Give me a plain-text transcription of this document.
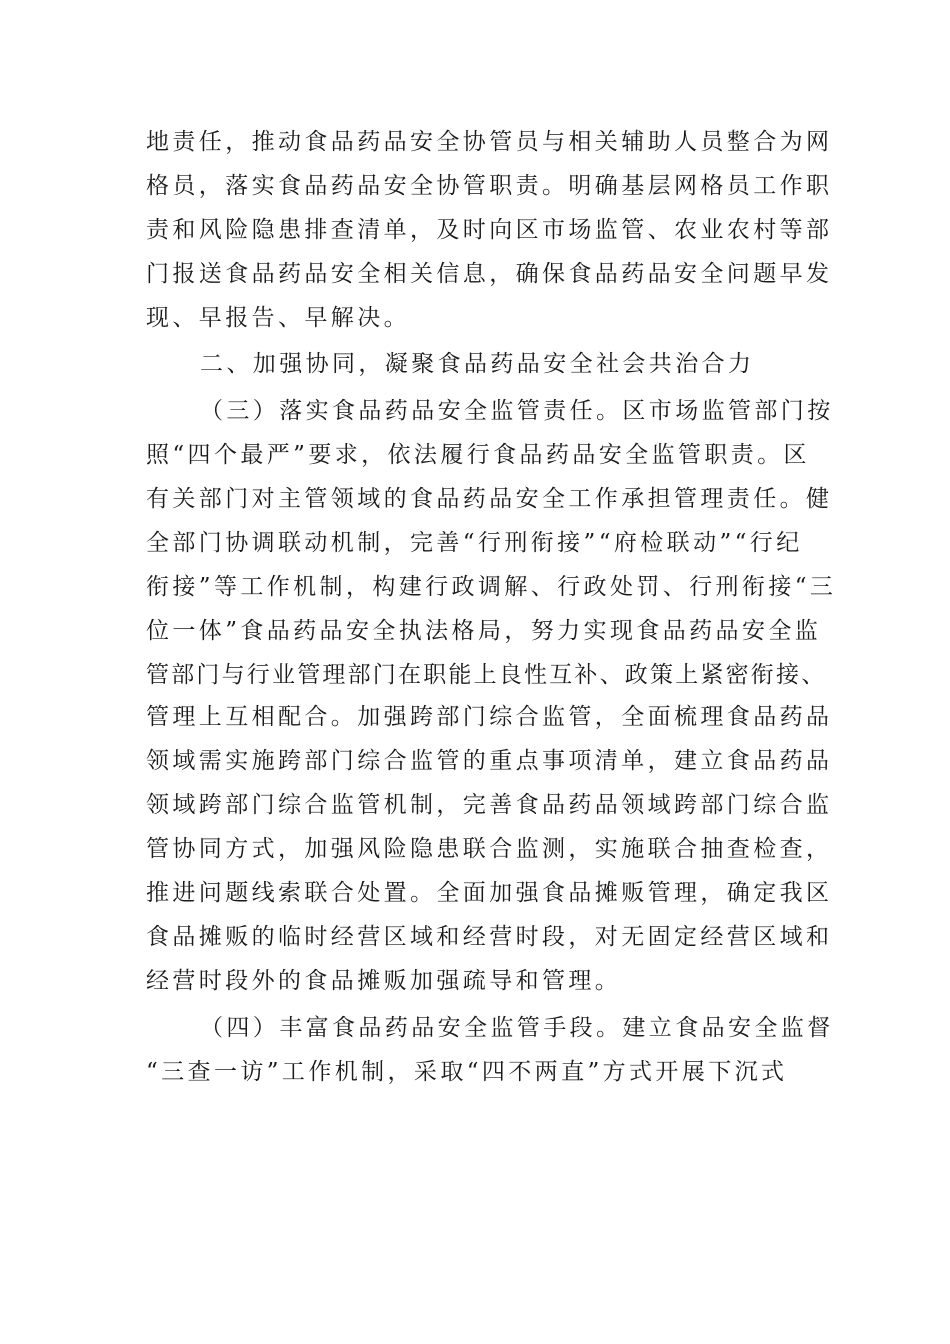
地责任，推动食品药品安全协管员与相关辅助人员整合为网

格员，落实食品药品安全协管职责。明确基层网格员工作职

责和风险隐患排查清单，及时向区市场监管、农业农村等部

门报送食品药品安全相关信息，确保食品药品安全问题早发

现、早报告、早解决。

二、加强协同，凝聚食品药品安全社会共治合力

（三）落实食品药品安全监管责任。区市场监管部门按

照“四个最严”要求，依法履行食品药品安全监管职责。区

有关部门对主管领域的食品药品安全工作承担管理责任。健

全部门协调联动机制，完善“行刑衔接”“府检联动”“行纪

衔接”等工作机制，构建行政调解、行政处罚、行刑衔接“三

位一体”食品药品安全执法格局，努力实现食品药品安全监

管部门与行业管理部门在职能上良性互补、政策上紧密衔接、

管理上互相配合。加强跨部门综合监管，全面梳理食品药品

领域需实施跨部门综合监管的重点事项清单，建立食品药品

领域跨部门综合监管机制，完善食品药品领域跨部门综合监

管协同方式，加强风险隐患联合监测，实施联合抽查检查，

推进问题线索联合处置。全面加强食品摊贩管理，确定我区

食品摊贩的临时经营区域和经营时段，对无固定经营区域和

经营时段外的食品摊贩加强疏导和管理。

（四）丰富食品药品安全监管手段。建立食品安全监督

“三查一访”工作机制，采取“四不两直”方式开展下沉式
